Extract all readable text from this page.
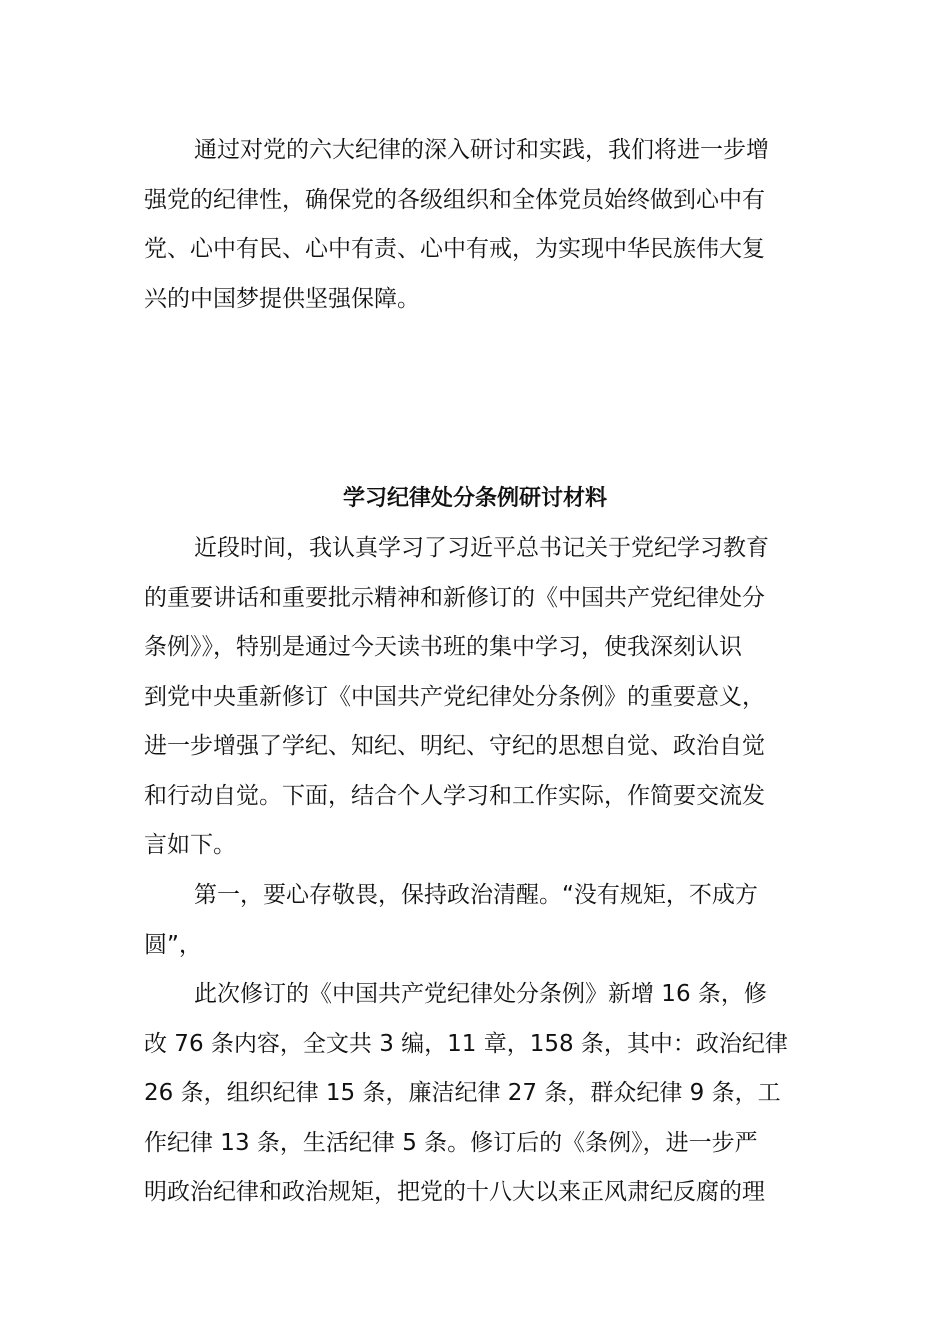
通过对党的六大纪律的深入研讨和实践，我们将进一步增
强党的纪律性，确保党的各级组织和全体党员始终做到心中有
党、心中有民、心中有责、心中有戒，为实现中华民族伟大复
兴的中国梦提供坚强保障。
学习纪律处分条例研讨材料
近段时间，我认真学习了习近平总书记关于党纪学习教育
的重要讲话和重要批示精神和新修订的《中国共产党纪律处分
条例》》，特别是通过今天读书班的集中学习，使我深刻认识
到党中央重新修订《中国共产党纪律处分条例》的重要意义，
进一步增强了学纪、知纪、明纪、守纪的思想自觉、政治自觉
和行动自觉。下面，结合个人学习和工作实际，作简要交流发
言如下。
第一，要心存敬畏，保持政治清醒。“没有规矩，不成方
圆”，
此次修订的《中国共产党纪律处分条例》新增 16 条，修
改 76 条内容，全文共 3 编，11 章，158 条，其中：政治纪律
26 条，组织纪律 15 条，廉洁纪律 27 条，群众纪律 9 条，工
作纪律 13 条，生活纪律 5 条。修订后的《条例》，进一步严
明政治纪律和政治规矩，把党的十八大以来正风肃纪反腐的理
